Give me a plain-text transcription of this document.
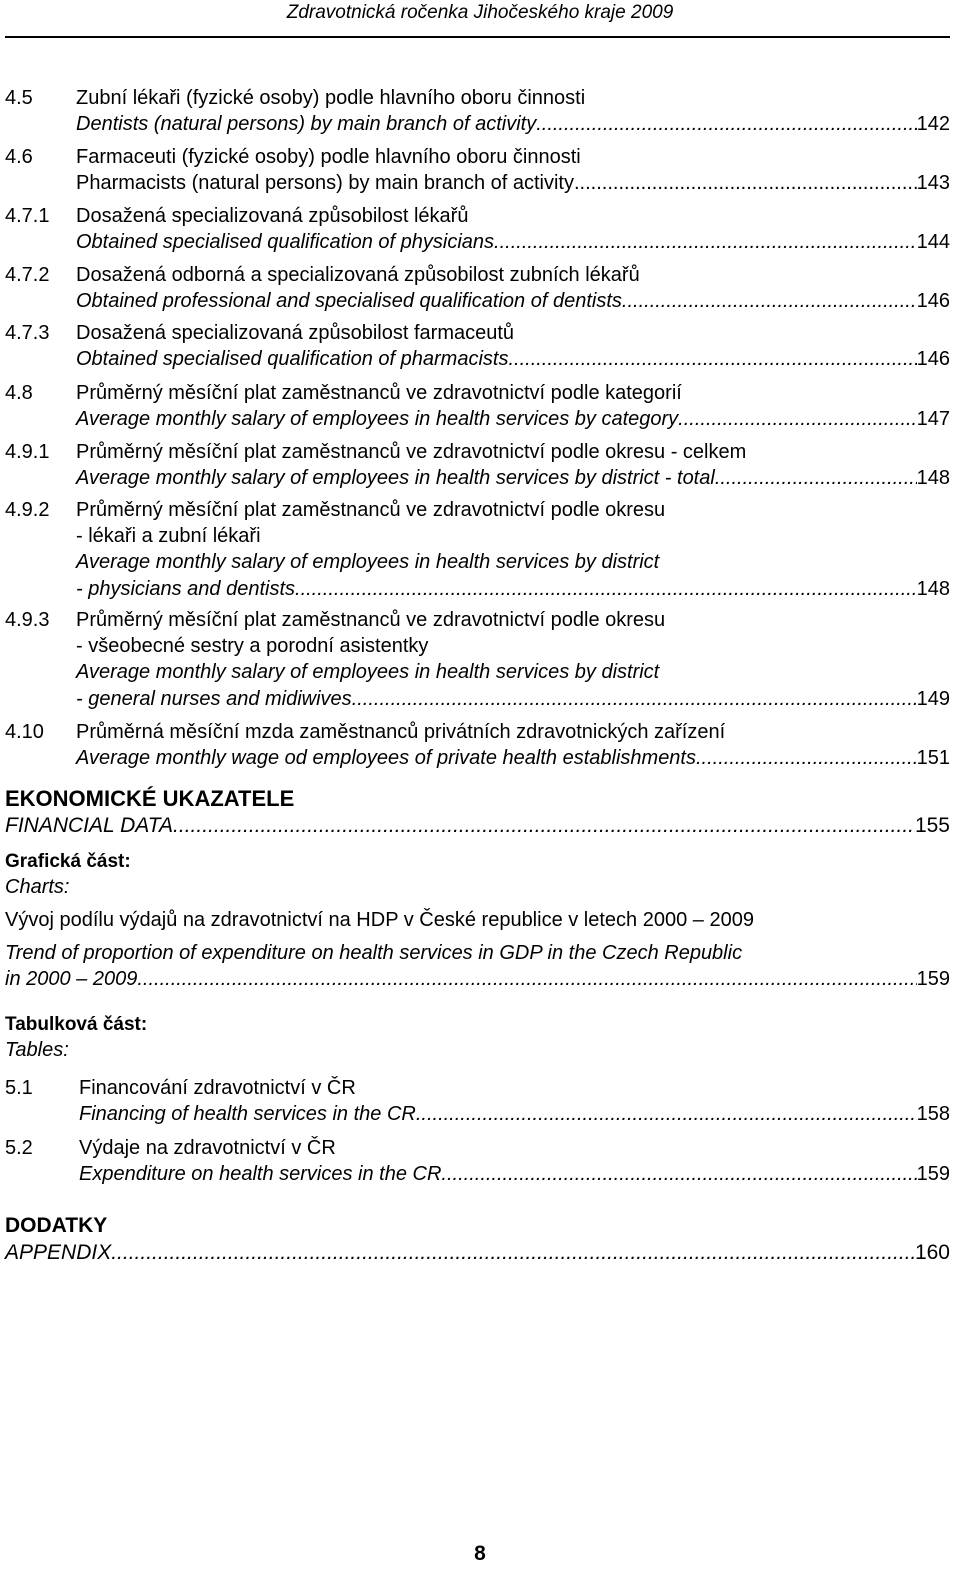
Zdravotnická ročenka Jihočeského kraje 2009
4.5 Zubní lékaři (fyzické osoby) podle hlavního oboru činnosti
Dentists (natural persons) by main branch of activity .....	142
4.6 Farmaceuti (fyzické osoby) podle hlavního oboru činnosti
Pharmacists (natural persons) by main branch of activity .....	143
4.7.1 Dosažená specializovaná způsobilost lékařů
Obtained specialised qualification of physicians .....	144
4.7.2 Dosažená odborná a specializovaná způsobilost zubních lékařů
Obtained professional and specialised qualification of dentists .....	146
4.7.3 Dosažená specializovaná způsobilost farmaceutů
Obtained specialised qualification of pharmacists .....	146
4.8 Průměrný měsíční plat zaměstnanců ve zdravotnictví podle kategorií
Average monthly salary of employees in health services by category .....	147
4.9.1 Průměrný měsíční plat zaměstnanců ve zdravotnictví podle okresu - celkem
Average monthly salary of employees in health services by district - total .....	148
4.9.2 Průměrný měsíční plat zaměstnanců ve zdravotnictví podle okresu
- lékaři a zubní lékaři
Average monthly salary of employees in health services by district
- physicians and dentists .....	148
4.9.3 Průměrný měsíční plat zaměstnanců ve zdravotnictví podle okresu
- všeobecné sestry a porodní asistentky
Average monthly salary of employees in health services by district
- general nurses and midiwives .....	149
4.10 Průměrná měsíční mzda zaměstnanců privátních zdravotnických zařízení
Average monthly wage od employees of private health establishments .....	151
EKONOMICKÉ UKAZATELE
FINANCIAL DATA .....	155
Grafická část:
Charts:
Vývoj podílu výdajů na zdravotnictví na HDP v České republice v letech 2000 – 2009
Trend of proportion of expenditure on health services in GDP in the Czech Republic
in 2000 – 2009. .....	159
Tabulková část:
Tables:
5.1 Financování zdravotnictví v ČR
Financing of health services in the CR .....	158
5.2 Výdaje na zdravotnictví v ČR
Expenditure on health services in the CR .....	159
DODATKY
APPENDIX .....	160
8
